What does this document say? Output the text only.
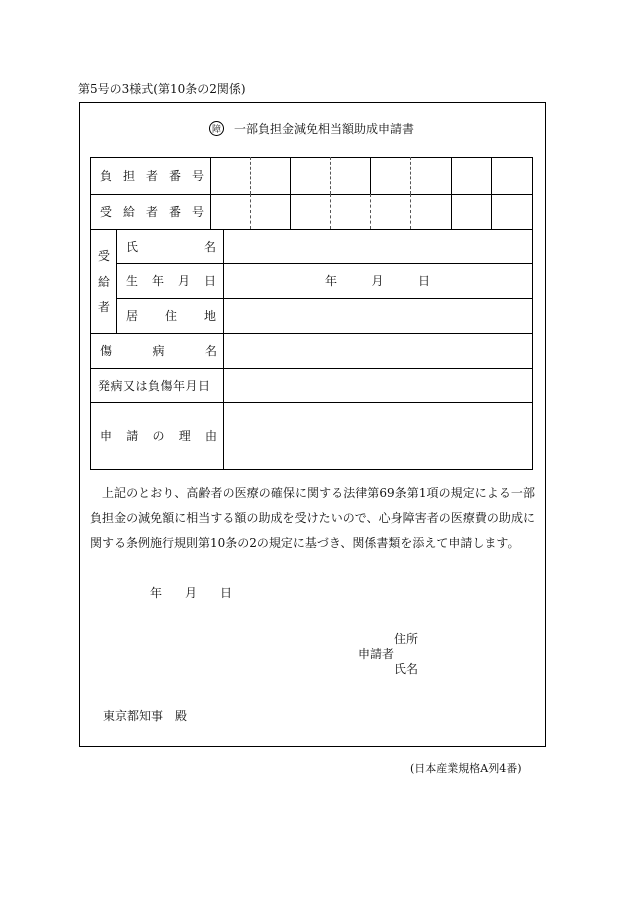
第5号の3様式(第10条の2関係)
障 一部負担金減免相当額助成申請書
負 担 者 番 号
受 給 者 番 号
受
給
者
氏	名
生 年 月 日	年	月	日
居 住 地
傷	病	名
発病又は負傷年月日
申 請 の 理 由
上記のとおり、高齢者の医療の確保に関する法律第69条第1項の規定による一部負担金の減免額に相当する額の助成を受けたいので、心身障害者の医療費の助成に関する条例施行規則第10条の2の規定に基づき、関係書類を添えて申請します。
年 月 日
住所
申請者
氏名
東京都知事　殿
(日本産業規格A列4番)
